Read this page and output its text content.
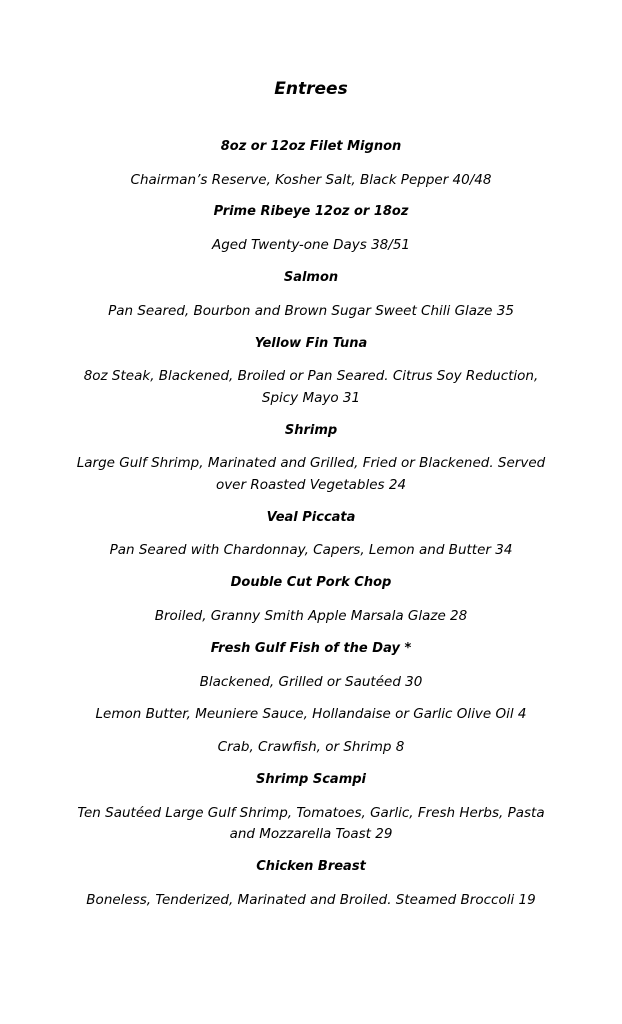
Entrees
8oz or 12oz Filet Mignon
Chairman’s Reserve, Kosher Salt, Black Pepper 40/48
Prime Ribeye 12oz or 18oz
Aged Twenty-one Days 38/51
Salmon
Pan Seared, Bourbon and Brown Sugar Sweet Chili Glaze 35
Yellow Fin Tuna
8oz Steak, Blackened, Broiled or Pan Seared. Citrus Soy Reduction,
Spicy Mayo 31
Shrimp
Large Gulf Shrimp, Marinated and Grilled, Fried or Blackened. Served
over Roasted Vegetables 24
Veal Piccata
Pan Seared with Chardonnay, Capers, Lemon and Butter 34
Double Cut Pork Chop
Broiled, Granny Smith Apple Marsala Glaze 28
Fresh Gulf Fish of the Day *
Blackened, Grilled or Sautéed 30
Lemon Butter, Meuniere Sauce, Hollandaise or Garlic Olive Oil 4
Crab, Crawfish, or Shrimp 8
Shrimp Scampi
Ten Sautéed Large Gulf Shrimp, Tomatoes, Garlic, Fresh Herbs, Pasta
and Mozzarella Toast 29
Chicken Breast
Boneless, Tenderized, Marinated and Broiled. Steamed Broccoli 19
